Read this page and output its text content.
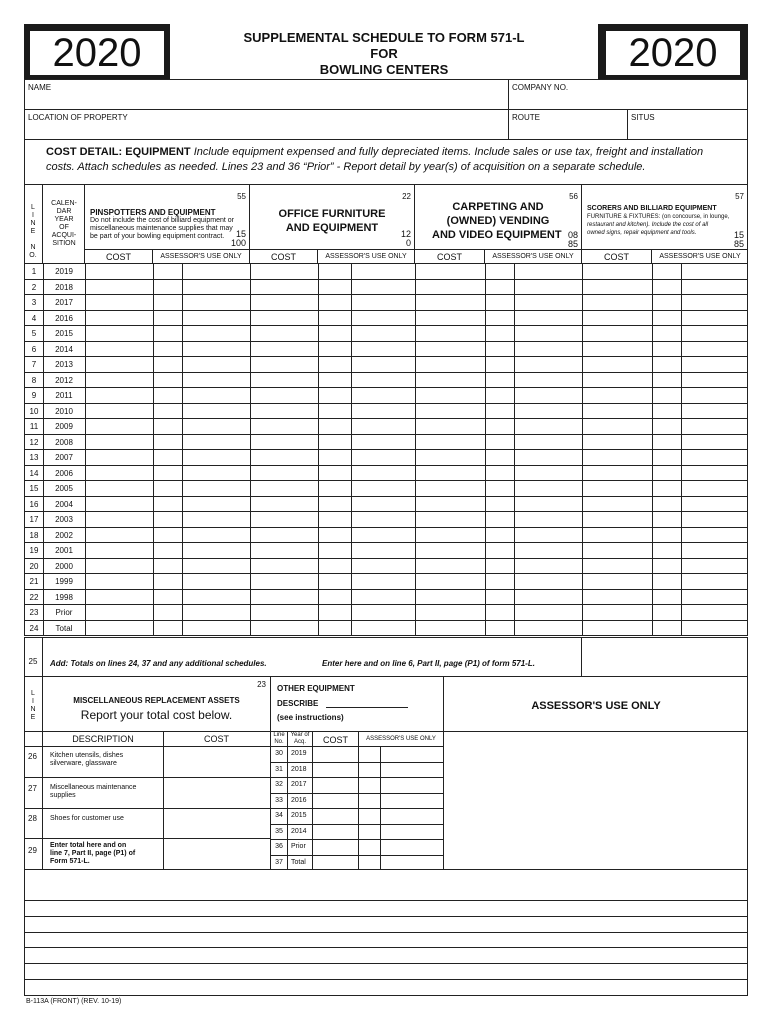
2020	2020
SUPPLEMENTAL SCHEDULE TO FORM 571-L
FOR
BOWLING CENTERS
NAME	COMPANY NO.
LOCATION OF PROPERTY	ROUTE	SITUS
COST DETAIL: EQUIPMENT Include equipment expensed and fully depreciated items. Include sales or use tax, freight and installation
costs. Attach schedules as needed. Lines 23 and 36 “Prior” - Report detail by year(s) of acquisition on a separate schedule.
L
I
N
E
N
O.
CALEN-
DAR
YEAR
OF
ACQUI-
SITION
55
PINSPOTTERS AND EQUIPMENT
Do not include the cost of billiard equipment or
miscellaneous maintenance supplies that may
be part of your bowling equipment contract.	15
100
COST	ASSESSOR'S USE ONLY
22
OFFICE FURNITURE
AND EQUIPMENT	12
0
COST	ASSESSOR'S USE ONLY
56
CARPETING AND
(OWNED) VENDING
AND VIDEO EQUIPMENT 08
85
COST	ASSESSOR'S USE ONLY
57
SCORERS AND BILLIARD EQUIPMENT
FURNITURE & FIXTURES: (on concourse, in lounge,
restaurant and kitchen). Include the cost of all
owned signs, repair equipment and tools.	15
85
COST	ASSESSOR'S USE ONLY
1	2019
2	2018
3	2017
4	2016
5	2015
6	2014
7	2013
8	2012
9	2011
10	2010
11	2009
12	2008
13	2007
14	2006
15	2005
16	2004
17	2003
18	2002
19	2001
20	2000
21	1999
22	1998
23	Prior
24	Total
25	Add: Totals on lines 24, 37 and any additional schedules.	Enter here and on line 6, Part II, page (P1) of form 571-L.
L
I
N
E
MISCELLANEOUS REPLACEMENT ASSETS
Report your total cost below.
23
DESCRIPTION	COST
OTHER EQUIPMENT
DESCRIBE
(see instructions)
ASSESSOR'S USE ONLY
26 Kitchen utensils, dishes
silverware, glassware
27 Miscellaneous maintenance
supplies
28 Shoes for customer use
29
Enter total here and on
line 7, Part II, page (P1) of
Form 571-L.
Line
No.
Year of
Acq.	COST	ASSESSOR'S USE ONLY
30	2019
31	2018
32	2017
33	2016
34	2015
35	2014
36	Prior
37	Total
B-113A (FRONT) (REV. 10-19)
